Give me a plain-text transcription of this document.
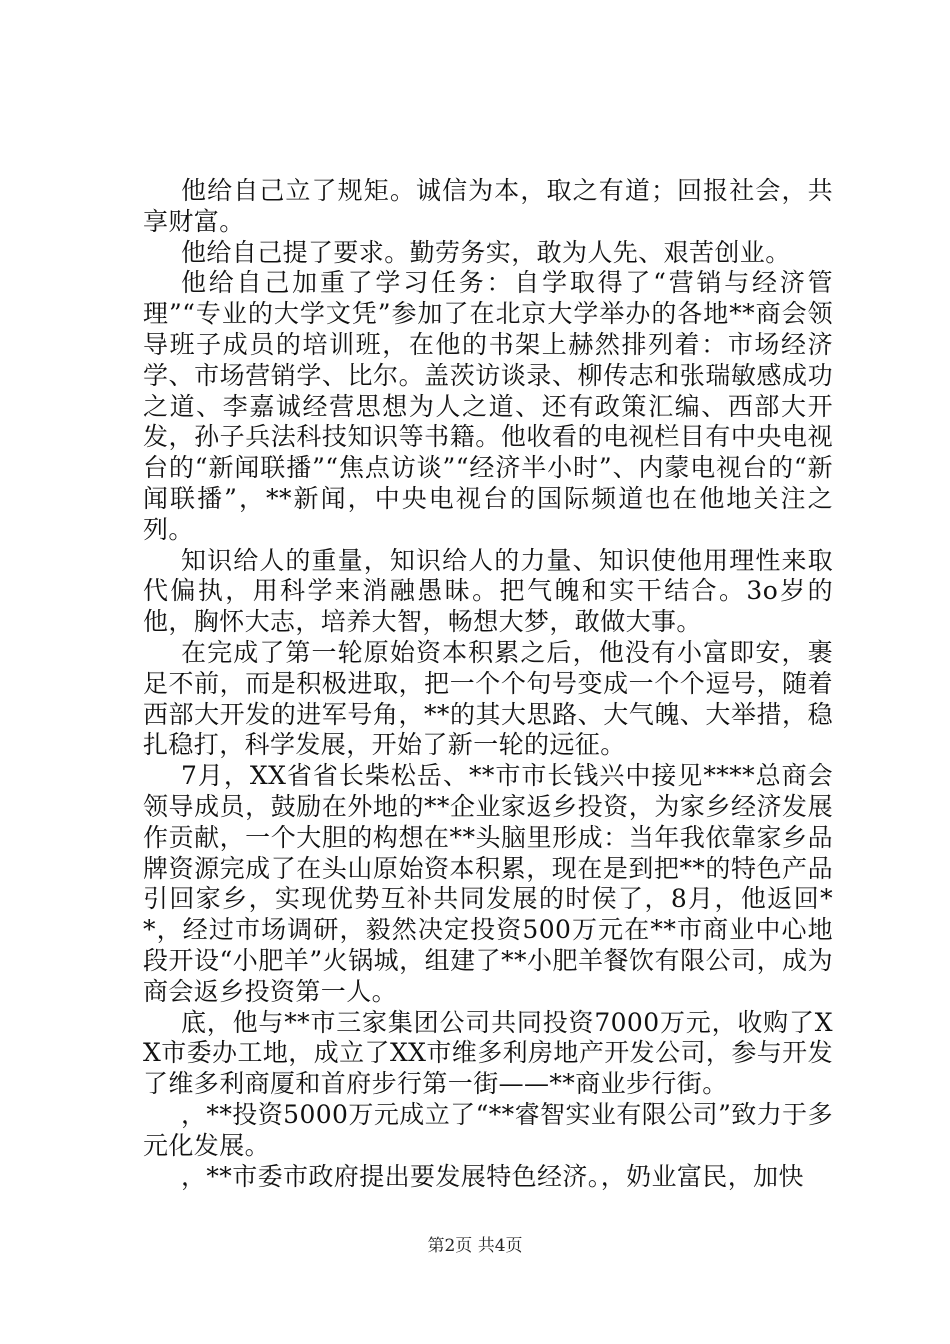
他给自己立了规矩。诚信为本，取之有道；回报社会，共享财富。

他给自己提了要求。勤劳务实，敢为人先、艰苦创业。

他给自己加重了学习任务：自学取得了“营销与经济管理”“专业的大学文凭”参加了在北京大学举办的各地**商会领导班子成员的培训班，在他的书架上赫然排列着：市场经济学、市场营销学、比尔。盖茨访谈录、柳传志和张瑞敏感成功之道、李嘉诚经营思想为人之道、还有政策汇编、西部大开发，孙子兵法科技知识等书籍。他收看的电视栏目有中央电视台的“新闻联播”“焦点访谈”“经济半小时”、内蒙电视台的“新闻联播”，**新闻，中央电视台的国际频道也在他地关注之列。

知识给人的重量，知识给人的力量、知识使他用理性来取代偏执，用科学来消融愚昧。把气魄和实干结合。3o岁的他，胸怀大志，培养大智，畅想大梦，敢做大事。

在完成了第一轮原始资本积累之后，他没有小富即安，裹足不前，而是积极进取，把一个个句号变成一个个逗号，随着西部大开发的进军号角，**的其大思路、大气魄、大举措，稳扎稳打，科学发展，开始了新一轮的远征。

7月，XX省省长柴松岳、**市市长钱兴中接见****总商会领导成员，鼓励在外地的**企业家返乡投资，为家乡经济发展作贡献，一个大胆的构想在**头脑里形成：当年我依靠家乡品牌资源完成了在头山原始资本积累，现在是到把**的特色产品引回家乡，实现优势互补共同发展的时侯了，8月，他返回**，经过市场调研，毅然决定投资500万元在**市商业中心地段开设“小肥羊”火锅城，组建了**小肥羊餐饮有限公司，成为商会返乡投资第一人。

底，他与**市三家集团公司共同投资7000万元，收购了XX市委办工地，成立了XX市维多利房地产开发公司，参与开发了维多利商厦和首府步行第一街——**商业步行街。

，**投资5000万元成立了“**睿智实业有限公司”致力于多元化发展。

，**市委市政府提出要发展特色经济。，奶业富民，加快

第2页 共4页
